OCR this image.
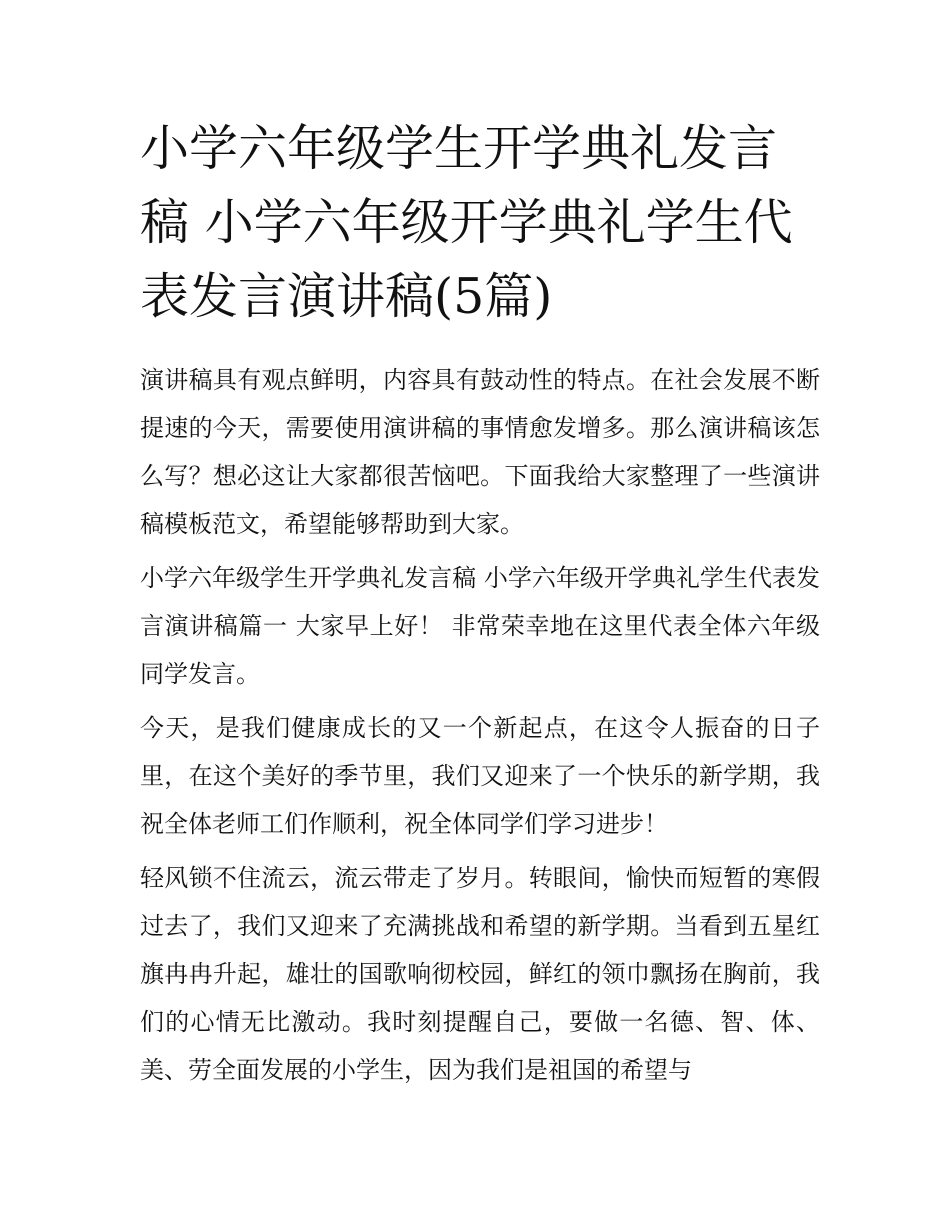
小学六年级学生开学典礼发言稿 小学六年级开学典礼学生代表发言演讲稿(5篇)

演讲稿具有观点鲜明，内容具有鼓动性的特点。在社会发展不断提速的今天，需要使用演讲稿的事情愈发增多。那么演讲稿该怎么写？想必这让大家都很苦恼吧。下面我给大家整理了一些演讲稿模板范文，希望能够帮助到大家。

小学六年级学生开学典礼发言稿 小学六年级开学典礼学生代表发言演讲稿篇一 大家早上好！ 非常荣幸地在这里代表全体六年级同学发言。

今天，是我们健康成长的又一个新起点，在这令人振奋的日子里，在这个美好的季节里，我们又迎来了一个快乐的新学期，我祝全体老师工们作顺利，祝全体同学们学习进步！

轻风锁不住流云，流云带走了岁月。转眼间，愉快而短暂的寒假过去了，我们又迎来了充满挑战和希望的新学期。当看到五星红旗冉冉升起，雄壮的国歌响彻校园，鲜红的领巾飘扬在胸前，我们的心情无比激动。我时刻提醒自己，要做一名德、智、体、美、劳全面发展的小学生，因为我们是祖国的希望与
